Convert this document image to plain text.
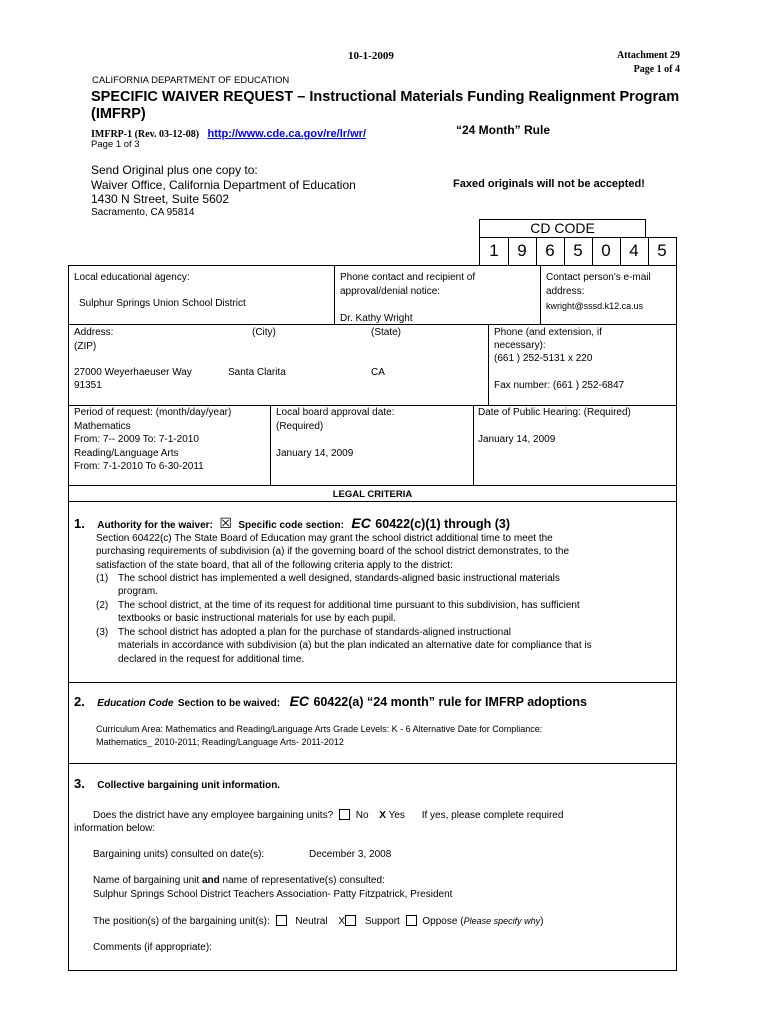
10-1-2009	Attachment 29
Page 1 of 4
CALIFORNIA DEPARTMENT OF EDUCATION
SPECIFIC WAIVER REQUEST – Instructional Materials Funding Realignment Program
(IMFRP)
IMFRP-1 (Rev. 03-12-08) http://www.cde.ca.gov/re/lr/wr/	“24 Month” Rule
Page 1 of 3
Send Original plus one copy to:
Waiver Office, California Department of Education
1430 N Street, Suite 5602
Sacramento, CA 95814
Faxed originals will not be accepted!
CD CODE
1	9	6	5	0	4	5
Local educational agency:
Sulphur Springs Union School District
Phone contact and recipient of
approval/denial notice:
Dr. Kathy Wright
Contact person's e-mail
address:
kwright@sssd.k12.ca.us
Address:	(City)	(State)
(ZIP)
27000 Weyerhaeuser Way	Santa Clarita	CA
91351
Phone (and extension, if
necessary):
(661 ) 252-5131 x 220
Fax number: (661 ) 252-6847
Period of request: (month/day/year)
Mathematics
From: 7-- 2009 To: 7-1-2010
Reading/Language Arts
From: 7-1-2010 To 6-30-2011
Local board approval date:
(Required)
January 14, 2009
Date of Public Hearing: (Required)
January 14, 2009
LEGAL CRITERIA
1. Authority for the waiver: ☒ Specific code section: EC 60422(c)(1) through (3)
Section 60422(c) The State Board of Education may grant the school district additional time to meet the
purchasing requirements of subdivision (a) if the governing board of the school district demonstrates, to the
satisfaction of the state board, that all of the following criteria apply to the district:
(1) The school district has implemented a well designed, standards-aligned basic instructional materials
program.
(2) The school district, at the time of its request for additional time pursuant to this subdivision, has sufficient
textbooks or basic instructional materials for use by each pupil.
(3) The school district has adopted a plan for the purchase of standards-aligned instructional
materials in accordance with subdivision (a) but the plan indicated an alternative date for compliance that is
declared in the request for additional time.
2. Education Code Section to be waived: EC 60422(a) “24 month” rule for IMFRP adoptions
Curriculum Area: Mathematics and Reading/Language Arts Grade Levels: K - 6 Alternative Date for Compliance:
Mathematics_ 2010-2011; Reading/Language Arts- 2011-2012
3. Collective bargaining unit information.
Does the district have any employee bargaining units? No X Yes If yes, please complete required
information below:
Bargaining units) consulted on date(s):	December 3, 2008
Name of bargaining unit and name of representative(s) consulted:
Sulphur Springs School District Teachers Association- Patty Fitzpatrick, President
The position(s) of the bargaining unit(s):	Neutral X Support Oppose (Please specify why)
Comments (if appropriate):
